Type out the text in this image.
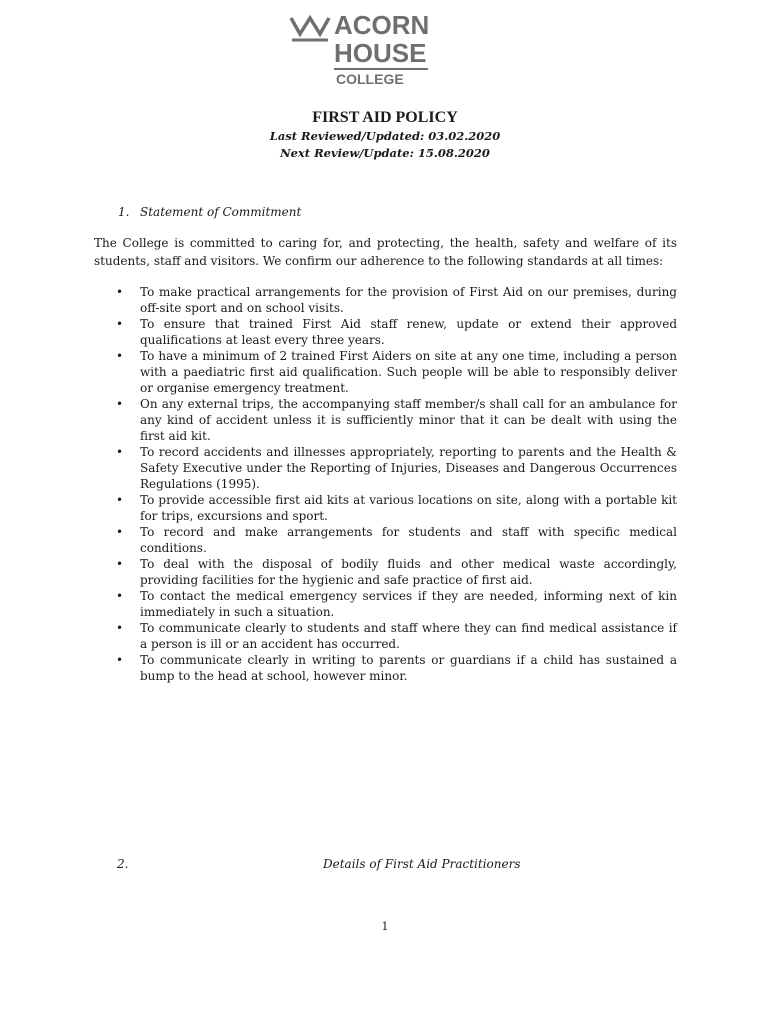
ACORN
HOUSE
COLLEGE
FIRST AID POLICY

Last Reviewed/Updated: 03.02.2020

Next Review/Update: 15.08.2020

1. Statement of Commitment

The College is committed to caring for, and protecting, the health, safety and welfare of its students, staff and visitors. We confirm our adherence to the following standards at all times:

• To make practical arrangements for the provision of First Aid on our premises, during off-site sport and on school visits.
• To ensure that trained First Aid staff renew, update or extend their approved qualifications at least every three years.
• To have a minimum of 2 trained First Aiders on site at any one time, including a person with a paediatric first aid qualification. Such people will be able to responsibly deliver or organise emergency treatment.
• On any external trips, the accompanying staff member/s shall call for an ambulance for any kind of accident unless it is sufficiently minor that it can be dealt with using the first aid kit.
• To record accidents and illnesses appropriately, reporting to parents and the Health & Safety Executive under the Reporting of Injuries, Diseases and Dangerous Occurrences Regulations (1995).
• To provide accessible first aid kits at various locations on site, along with a portable kit for trips, excursions and sport.
• To record and make arrangements for students and staff with specific medical conditions.
• To deal with the disposal of bodily fluids and other medical waste accordingly, providing facilities for the hygienic and safe practice of first aid.
• To contact the medical emergency services if they are needed, informing next of kin immediately in such a situation.
• To communicate clearly to students and staff where they can find medical assistance if a person is ill or an accident has occurred.
• To communicate clearly in writing to parents or guardians if a child has sustained a bump to the head at school, however minor.

2.	Details of First Aid Practitioners

1
